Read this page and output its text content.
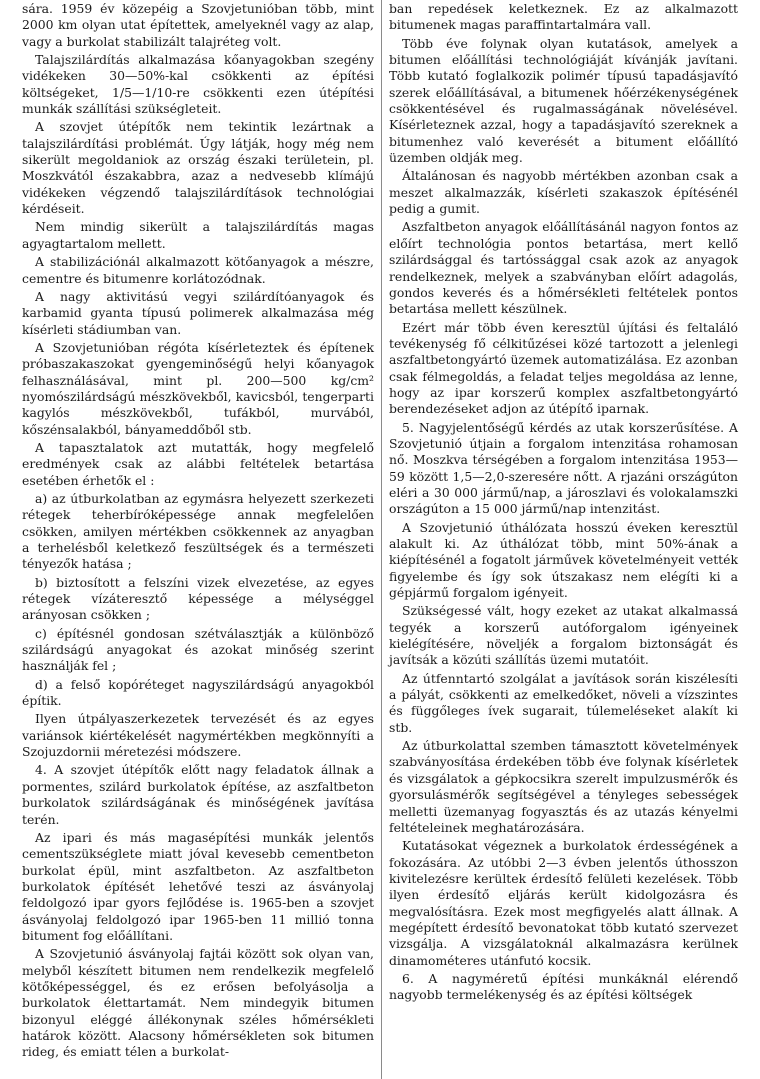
sára. 1959 év közepéig a Szovjetunióban több, mint 2000 km olyan utat építettek, amelyeknél vagy az alap, vagy a burkolat stabilizált talajréteg volt.

Talajszilárdítás alkalmazása kőanyagokban szegény vidékeken 30—50%-kal csökkenti az építési költségeket, 1/5—1/10-re csökkenti ezen útépítési munkák szállítási szükségleteit.

A szovjet útépítők nem tekintik lezártnak a talajszilárdítási problémát. Úgy látják, hogy még nem sikerült megoldaniok az ország északi területein, pl. Moszkvától északabbra, azaz a nedvesebb klímájú vidékeken végzendő talajszilárdítások technológiai kérdéseit.

Nem mindig sikerült a talajszilárdítás magas agyagtartalom mellett.

A stabilizációnál alkalmazott kötőanyagok a mészre, cementre és bitumenre korlátozódnak.

A nagy aktivitású vegyi szilárdítóanyagok és karbamid gyanta típusú polimerek alkalmazása még kísérleti stádiumban van.

A Szovjetunióban régóta kísérleteztek és építenek próbaszakaszokat gyengeminőségű helyi kőanyagok felhasználásával, mint pl. 200—500 kg/cm² nyomószilárdságú mészkövekből, kavicsból, tengerparti kagylós mészkövekből, tufákból, murvából, kőszénsalakból, bányameddőből stb.

A tapasztalatok azt mutatták, hogy megfelelő eredmények csak az alábbi feltételek betartása esetében érhetők el :

a) az útburkolatban az egymásra helyezett szerkezeti rétegek teherbíróképessége annak megfelelően csökken, amilyen mértékben csökkennek az anyagban a terhelésből keletkező feszültségek és a természeti tényezők hatása ;

b) biztosított a felszíni vizek elvezetése, az egyes rétegek vízáteresztő képessége a mélységgel arányosan csökken ;

c) építésnél gondosan szétválasztják a különböző szilárdságú anyagokat és azokat minőség szerint használják fel ;

d) a felső kopóréteget nagyszilárdságú anyagokból építik.

Ilyen útpályaszerkezetek tervezését és az egyes variánsok kiértékelését nagymértékben megkönnyíti a Szojuzdornii méretezési módszere.

4. A szovjet útépítők előtt nagy feladatok állnak a pormentes, szilárd burkolatok építése, az aszfaltbeton burkolatok szilárdságának és minőségének javítása terén.

Az ipari és más magasépítési munkák jelentős cementszükséglete miatt jóval kevesebb cementbeton burkolat épül, mint aszfaltbeton. Az aszfaltbeton burkolatok építését lehetővé teszi az ásványolaj feldolgozó ipar gyors fejlődése is. 1965-ben a szovjet ásványolaj feldolgozó ipar 1965-ben 11 millió tonna bitument fog előállítani.

A Szovjetunió ásványolaj fajtái között sok olyan van, melyből készített bitumen nem rendelkezik megfelelő kötőképességgel, és ez erősen befolyásolja a burkolatok élettartamát. Nem mindegyik bitumen bizonyul eléggé állékonynak széles hőmérsékleti határok között. Alacsony hőmérsékleten sok bitumen rideg, és emiatt télen a burkolat-

ban repedések keletkeznek. Ez az alkalmazott bitumenek magas paraffintartalmára vall.

Több éve folynak olyan kutatások, amelyek a bitumen előállítási technológiáját kívánják javítani. Több kutató foglalkozik polimér típusú tapadásjavító szerek előállításával, a bitumenek hőérzékenységének csökkentésével és rugalmasságának növelésével. Kísérleteznek azzal, hogy a tapadásjavító szereknek a bitumenhez való keverését a bitument előállító üzemben oldják meg.

Általánosan és nagyobb mértékben azonban csak a meszet alkalmazzák, kísérleti szakaszok építésénél pedig a gumit.

Aszfaltbeton anyagok előállításánál nagyon fontos az előírt technológia pontos betartása, mert kellő szilárdsággal és tartóssággal csak azok az anyagok rendelkeznek, melyek a szabványban előírt adagolás, gondos keverés és a hőmérsékleti feltételek pontos betartása mellett készülnek.

Ezért már több éven keresztül újítási és feltaláló tevékenység fő célkitűzései közé tartozott a jelenlegi aszfaltbetongyártó üzemek automatizálása. Ez azonban csak félmegoldás, a feladat teljes megoldása az lenne, hogy az ipar korszerű komplex aszfaltbetongyártó berendezéseket adjon az útépítő iparnak.

5. Nagyjelentőségű kérdés az utak korszerűsítése. A Szovjetunió útjain a forgalom intenzitása rohamosan nő. Moszkva térségében a forgalom intenzitása 1953—59 között 1,5—2,0-szeresére nőtt. A rjazáni országúton eléri a 30 000 jármű/nap, a jároszlavi és volokalamszki országúton a 15 000 jármű/nap intenzitást.

A Szovjetunió úthálózata hosszú éveken keresztül alakult ki. Az úthálózat több, mint 50%-ának a kiépítésénél a fogatolt járművek követelményeit vették figyelembe és így sok útszakasz nem elégíti ki a gépjármű forgalom igényeit.

Szükségessé vált, hogy ezeket az utakat alkalmassá tegyék a korszerű autóforgalom igényeinek kielégítésére, növeljék a forgalom biztonságát és javítsák a közúti szállítás üzemi mutatóit.

Az útfenntartó szolgálat a javítások során kiszélesíti a pályát, csökkenti az emelkedőket, növeli a vízszintes és függőleges ívek sugarait, túlemeléseket alakít ki stb.

Az útburkolattal szemben támasztott követelmények szabványosítása érdekében több éve folynak kísérletek és vizsgálatok a gépkocsikra szerelt impulzusmérők és gyorsulásmérők segítségével a tényleges sebességek melletti üzemanyag fogyasztás és az utazás kényelmi feltételeinek meghatározására.

Kutatásokat végeznek a burkolatok érdességének a fokozására. Az utóbbi 2—3 évben jelentős úthosszon kivitelezésre kerültek érdesítő felületi kezelések. Több ilyen érdesítő eljárás került kidolgozásra és megvalósításra. Ezek most megfigyelés alatt állnak. A megépített érdesítő bevonatokat több kutató szervezet vizsgálja. A vizsgálatoknál alkalmazásra kerülnek dinamométeres utánfutó kocsik.

6. A nagyméretű építési munkáknál elérendő nagyobb termelékenység és az építési költségek
